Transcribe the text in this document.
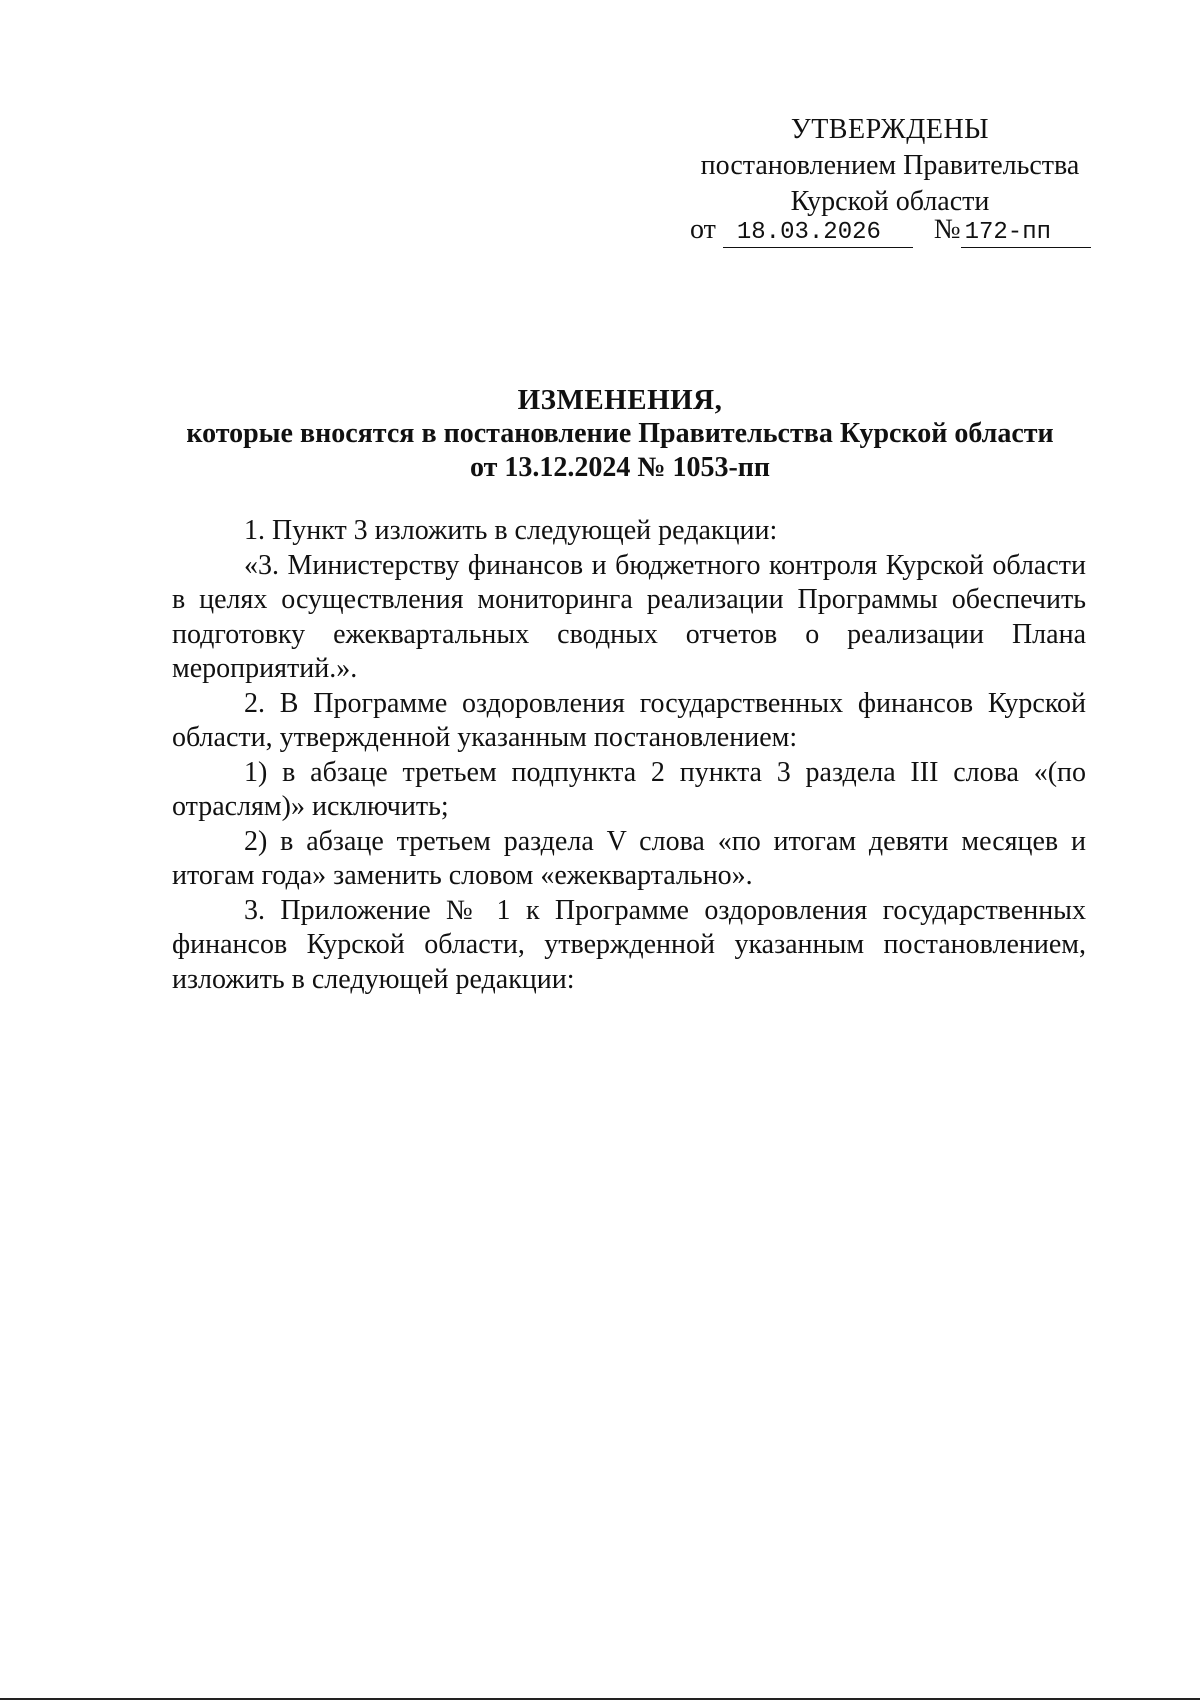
УТВЕРЖДЕНЫ
постановлением Правительства
Курской области
от 18.03.2026 № 172-пп
ИЗМЕНЕНИЯ,
которые вносятся в постановление Правительства Курской области
от 13.12.2024 № 1053-пп

1. Пункт 3 изложить в следующей редакции:

«3. Министерству финансов и бюджетного контроля Курской области в целях осуществления мониторинга реализации Программы обеспечить подготовку ежеквартальных сводных отчетов о реализации Плана мероприятий.».

2. В Программе оздоровления государственных финансов Курской области, утвержденной указанным постановлением:

1) в абзаце третьем подпункта 2 пункта 3 раздела III слова «(по отраслям)» исключить;

2) в абзаце третьем раздела V слова «по итогам девяти месяцев и итогам года» заменить словом «ежеквартально».

3. Приложение № 1 к Программе оздоровления государственных финансов Курской области, утвержденной указанным постановлением, изложить в следующей редакции:
